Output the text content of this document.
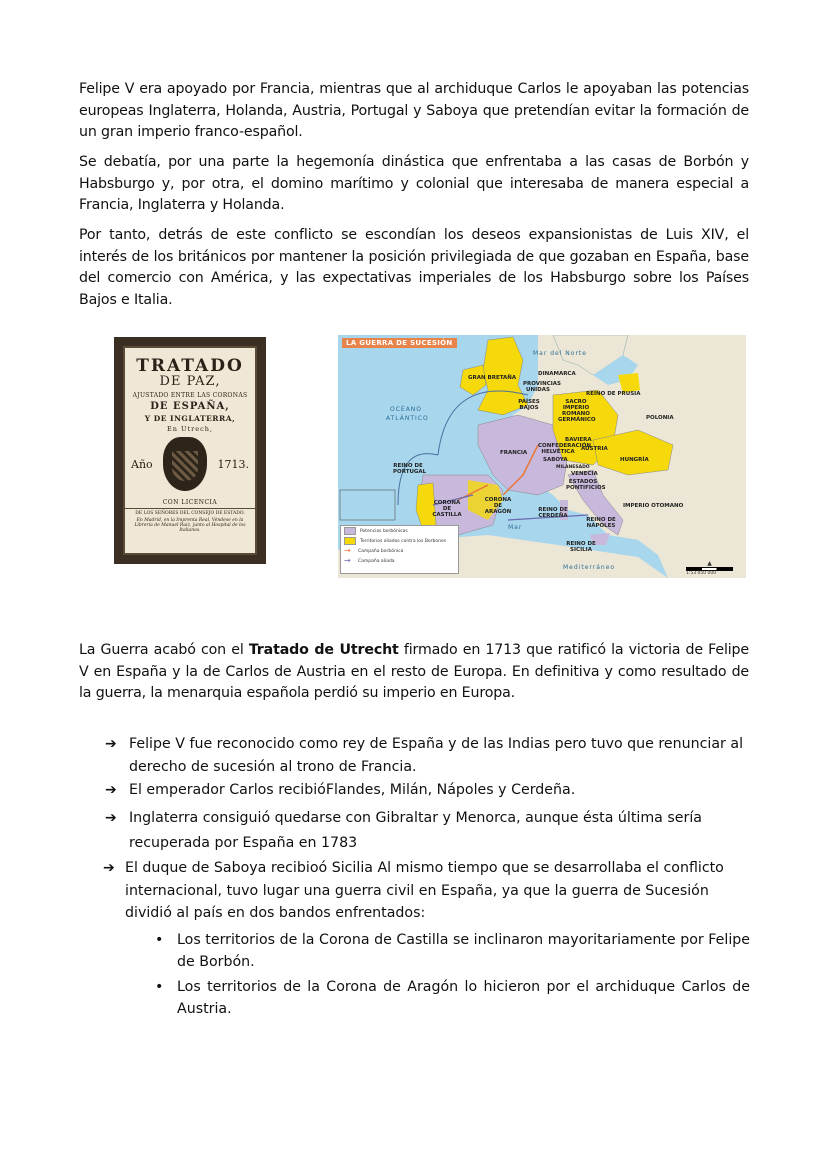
Felipe V era apoyado por Francia, mientras que al archiduque Carlos le apoyaban las potencias europeas Inglaterra, Holanda, Austria, Portugal y Saboya que pretendían evitar la formación de un gran imperio franco-español.

Se debatía, por una parte la hegemonía dinástica que enfrentaba a las casas de Borbón y Habsburgo y, por otra, el domino marítimo y colonial que interesaba de manera especial a Francia, Inglaterra y Holanda.

Por tanto, detrás de este conflicto se escondían los deseos expansionistas de Luis XIV, el interés de los británicos por mantener la posición privilegiada de que gozaban en España, base del comercio con América, y las expectativas imperiales de los Habsburgo sobre los Países Bajos e Italia.

TRATADO
DE PAZ,
AJUSTADO ENTRE LAS CORONAS
DE ESPAÑA,
Y DE INGLATERRA,
En Utrech,
Año	1713.
CON LICENCIA
DE LOS SEÑORES DEL CONSEJO DE ESTADO.
En Madrid, en la Imprenta Real. Véndese en la Librería de Manuel Ruiz, junto al Hospital de los Italianos.
LA GUERRA DE SUCESIÓN
Mar del Norte
OCÉANO ATLÁNTICO
Mediterráneo
Mar
GRAN BRETAÑA
DINAMARCA
PROVINCIAS UNIDAS
PAÍSES BAJOS
REINO DE PRUSIA
SACRO IMPERIO ROMANO GERMÁNICO	POLONIA
FRANCIA
CONFEDERACIÓN HELVÉTICA
SABOYA
MILANESADO
BAVIERA
AUSTRIA
HUNGRÍA
VENECIA
ESTADOS PONTIFICIOS
IMPERIO OTOMANO
REINO DE PORTUGAL
CORONA DE CASTILLA
CORONA DE ARAGÓN	REINO DE CERDEÑA
REINO DE NÁPOLES
REINO DE SICILIA
Potencias borbónicas
Territorios aliados contra los Borbones
→	Campaña borbónica
→	Campaña aliada	▲
1:53 050 000

La Guerra acabó con el Tratado de Utrecht firmado en 1713 que ratificó la victoria de Felipe V en España y la de Carlos de Austria en el resto de Europa. En definitiva y como resultado de la guerra, la menarquia española perdió su imperio en Europa.

➔ Felipe V fue reconocido como rey de España y de las Indias pero tuvo que renunciar al derecho de sucesión al trono de Francia.
➔ El emperador Carlos recibióFlandes, Milán, Nápoles y Cerdeña.
➔ Inglaterra consiguió quedarse con Gibraltar y Menorca, aunque ésta última sería recuperada por España en 1783
➔ El duque de Saboya recibioó Sicilia Al mismo tiempo que se desarrollaba el conflicto internacional, tuvo lugar una guerra civil en España, ya que la guerra de Sucesión dividió al país en dos bandos enfrentados:
• Los territorios de la Corona de Castilla se inclinaron mayoritariamente por Felipe de Borbón.
• Los territorios de la Corona de Aragón lo hicieron por el archiduque Carlos de Austria.
